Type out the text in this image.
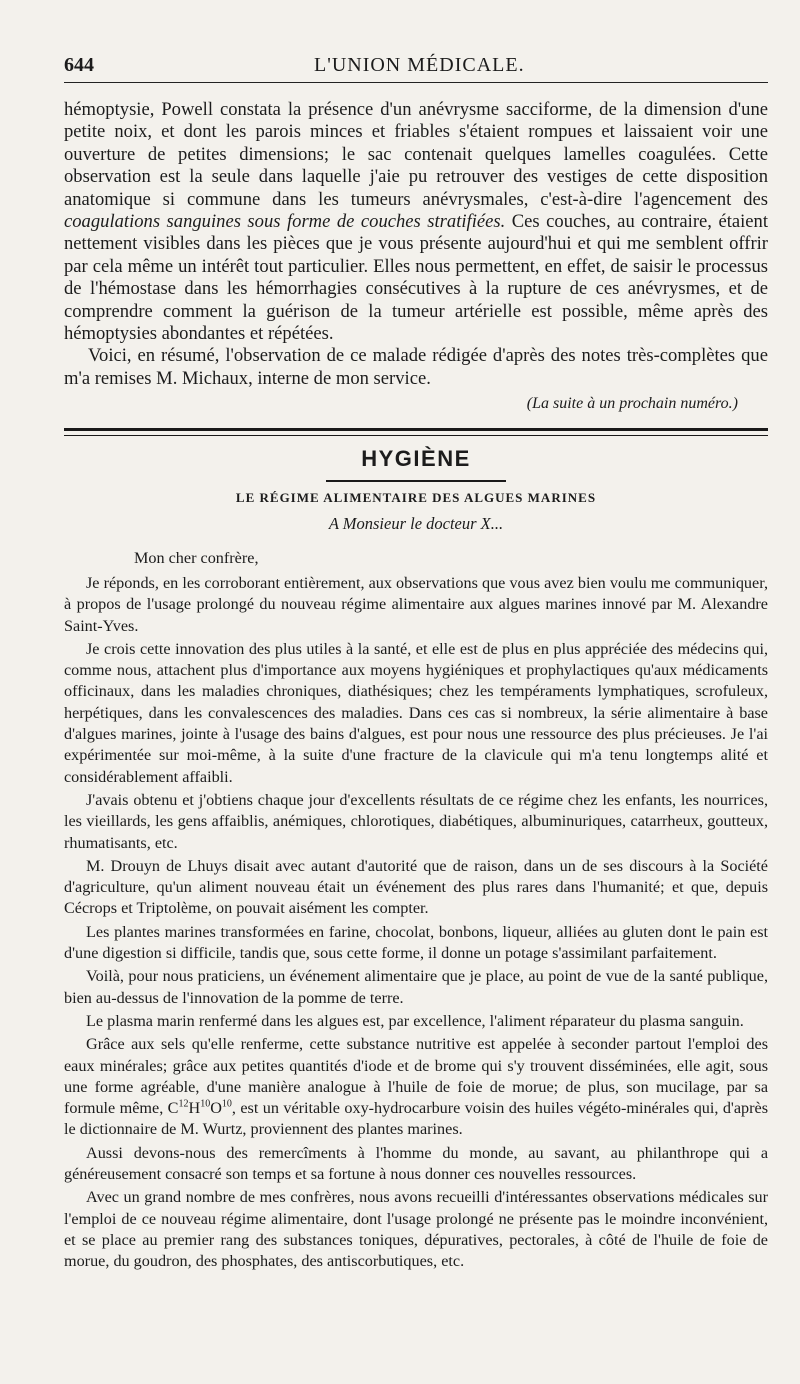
644	L'UNION MÉDICALE.

hémoptysie, Powell constata la présence d'un anévrysme sacciforme, de la dimension d'une petite noix, et dont les parois minces et friables s'étaient rompues et laissaient voir une ouverture de petites dimensions; le sac contenait quelques lamelles coagulées. Cette observation est la seule dans laquelle j'aie pu retrouver des vestiges de cette disposition anatomique si commune dans les tumeurs anévrysmales, c'est-à-dire l'agencement des coagulations sanguines sous forme de couches stratifiées. Ces couches, au contraire, étaient nettement visibles dans les pièces que je vous présente aujourd'hui et qui me semblent offrir par cela même un intérêt tout particulier. Elles nous permettent, en effet, de saisir le processus de l'hémostase dans les hémorrhagies consécutives à la rupture de ces anévrysmes, et de comprendre comment la guérison de la tumeur artérielle est possible, même après des hémoptysies abondantes et répétées.

Voici, en résumé, l'observation de ce malade rédigée d'après des notes très-complètes que m'a remises M. Michaux, interne de mon service.

(La suite à un prochain numéro.)
HYGIÈNE
LE RÉGIME ALIMENTAIRE DES ALGUES MARINES
A Monsieur le docteur X...

Mon cher confrère,

Je réponds, en les corroborant entièrement, aux observations que vous avez bien voulu me communiquer, à propos de l'usage prolongé du nouveau régime alimentaire aux algues marines innové par M. Alexandre Saint-Yves.

Je crois cette innovation des plus utiles à la santé, et elle est de plus en plus appréciée des médecins qui, comme nous, attachent plus d'importance aux moyens hygiéniques et prophylactiques qu'aux médicaments officinaux, dans les maladies chroniques, diathésiques; chez les tempéraments lymphatiques, scrofuleux, herpétiques, dans les convalescences des maladies. Dans ces cas si nombreux, la série alimentaire à base d'algues marines, jointe à l'usage des bains d'algues, est pour nous une ressource des plus précieuses. Je l'ai expérimentée sur moi-même, à la suite d'une fracture de la clavicule qui m'a tenu longtemps alité et considérablement affaibli.

J'avais obtenu et j'obtiens chaque jour d'excellents résultats de ce régime chez les enfants, les nourrices, les vieillards, les gens affaiblis, anémiques, chlorotiques, diabétiques, albuminuriques, catarrheux, goutteux, rhumatisants, etc.

M. Drouyn de Lhuys disait avec autant d'autorité que de raison, dans un de ses discours à la Société d'agriculture, qu'un aliment nouveau était un événement des plus rares dans l'humanité; et que, depuis Cécrops et Triptolème, on pouvait aisément les compter.

Les plantes marines transformées en farine, chocolat, bonbons, liqueur, alliées au gluten dont le pain est d'une digestion si difficile, tandis que, sous cette forme, il donne un potage s'assimilant parfaitement.

Voilà, pour nous praticiens, un événement alimentaire que je place, au point de vue de la santé publique, bien au-dessus de l'innovation de la pomme de terre.

Le plasma marin renfermé dans les algues est, par excellence, l'aliment réparateur du plasma sanguin.

Grâce aux sels qu'elle renferme, cette substance nutritive est appelée à seconder partout l'emploi des eaux minérales; grâce aux petites quantités d'iode et de brome qui s'y trouvent disséminées, elle agit, sous une forme agréable, d'une manière analogue à l'huile de foie de morue; de plus, son mucilage, par sa formule même, $C^{12}H^{10}O^{10}$, est un véritable oxy-hydrocarbure voisin des huiles végéto-minérales qui, d'après le dictionnaire de M. Wurtz, proviennent des plantes marines.

Aussi devons-nous des remercîments à l'homme du monde, au savant, au philanthrope qui a généreusement consacré son temps et sa fortune à nous donner ces nouvelles ressources.

Avec un grand nombre de mes confrères, nous avons recueilli d'intéressantes observations médicales sur l'emploi de ce nouveau régime alimentaire, dont l'usage prolongé ne présente pas le moindre inconvénient, et se place au premier rang des substances toniques, dépuratives, pectorales, à côté de l'huile de foie de morue, du goudron, des phosphates, des antiscorbutiques, etc.
